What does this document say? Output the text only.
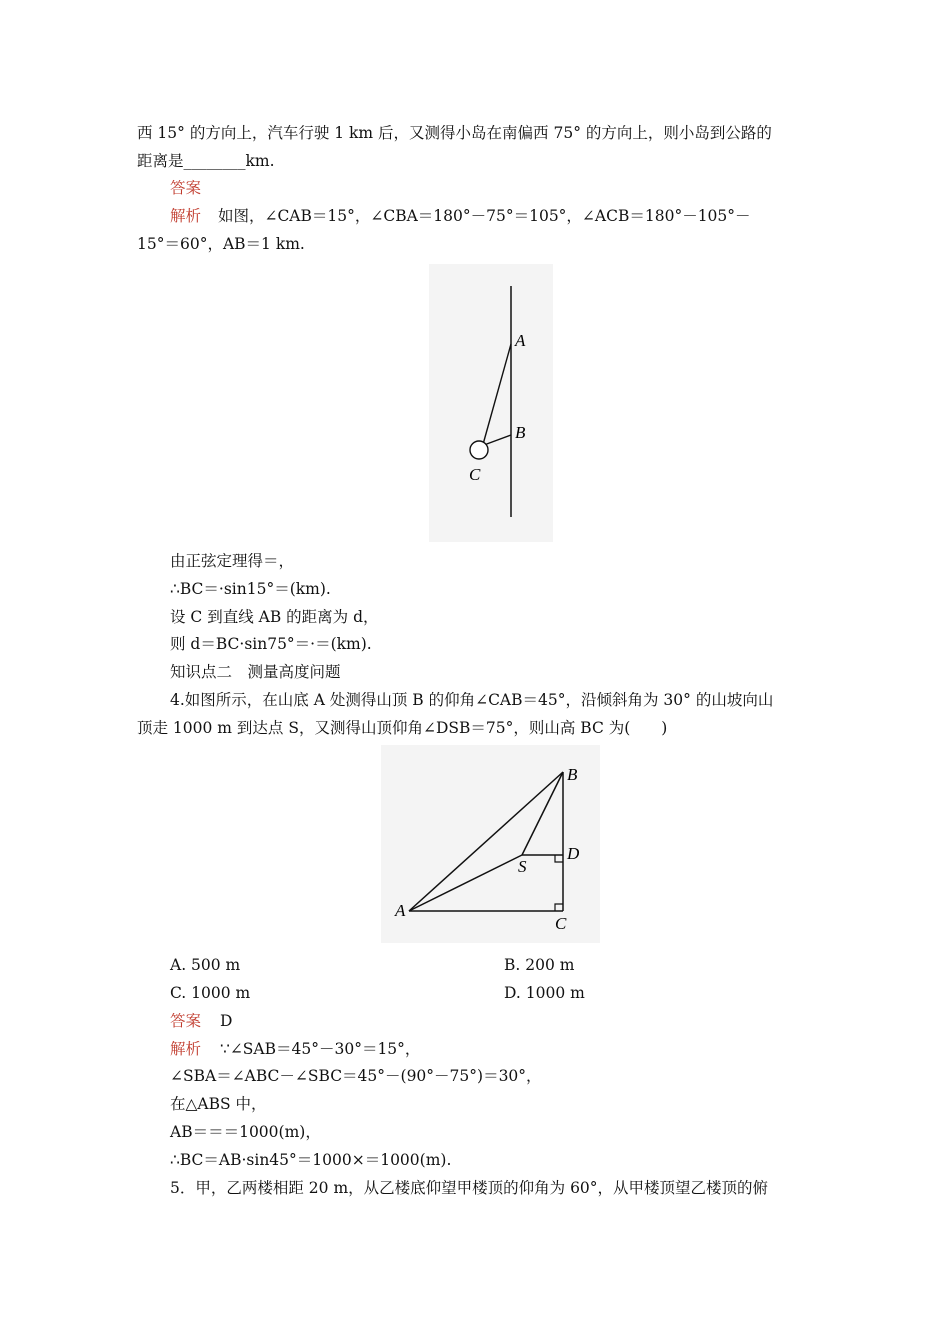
西 15° 的方向上，汽车行驶 1 km 后，又测得小岛在南偏西 75° 的方向上，则小岛到公路的
距离是________km.
答案
解析 如图，∠CAB＝15°，∠CBA＝180°－75°＝105°，∠ACB＝180°－105°－
15°＝60°，AB＝1 km.
A
B
C
由正弦定理得＝，
∴BC＝·sin15°＝(km).
设 C 到直线 AB 的距离为 d，
则 d＝BC·sin75°＝·＝(km).
知识点二　测量高度问题
4.如图所示，在山底 A 处测得山顶 B 的仰角∠CAB＝45°，沿倾斜角为 30° 的山坡向山
顶走 1000 m 到达点 S，又测得山顶仰角∠DSB＝75°，则山高 BC 为(　　)
A
B
C
D
S
A. 500 m	B. 200 m
C. 1000 m	D. 1000 m
答案 D
解析 ∵∠SAB＝45°－30°＝15°，
∠SBA＝∠ABC－∠SBC＝45°－(90°－75°)＝30°，
在△ABS 中，
AB＝＝＝1000(m)，
∴BC＝AB·sin45°＝1000×＝1000(m).
5．甲，乙两楼相距 20 m，从乙楼底仰望甲楼顶的仰角为 60°，从甲楼顶望乙楼顶的俯
